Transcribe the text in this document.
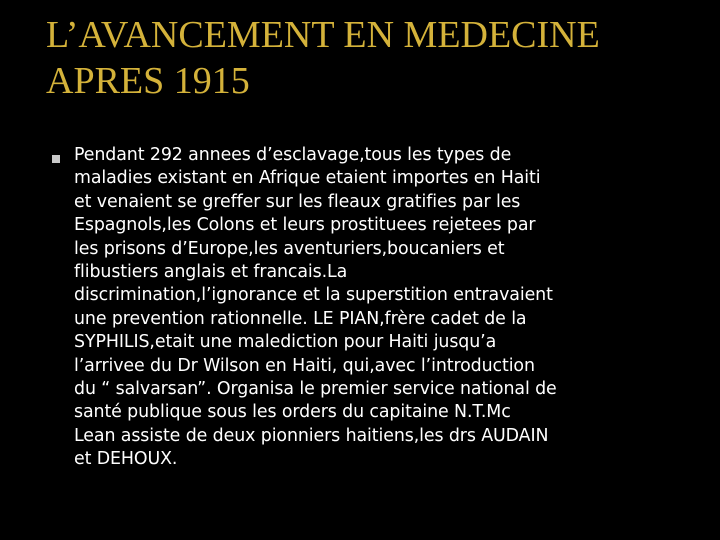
L’AVANCEMENT EN MEDECINE
APRES 1915

Pendant 292 annees d’esclavage,tous les types de
maladies existant en Afrique etaient importes en Haiti
et venaient se greffer sur les fleaux gratifies par les
Espagnols,les Colons et leurs prostituees rejetees par
les prisons d’Europe,les aventuriers,boucaniers et
flibustiers anglais et francais.La
discrimination,l’ignorance et la superstition entravaient
une prevention rationnelle. LE PIAN,frère cadet de la
SYPHILIS,etait une malediction pour Haiti jusqu’a
l’arrivee du Dr Wilson en Haiti, qui,avec l’introduction
du “ salvarsan”. Organisa le premier service national de
santé publique sous les orders du capitaine N.T.Mc
Lean assiste de deux pionniers haitiens,les drs AUDAIN
et DEHOUX.
